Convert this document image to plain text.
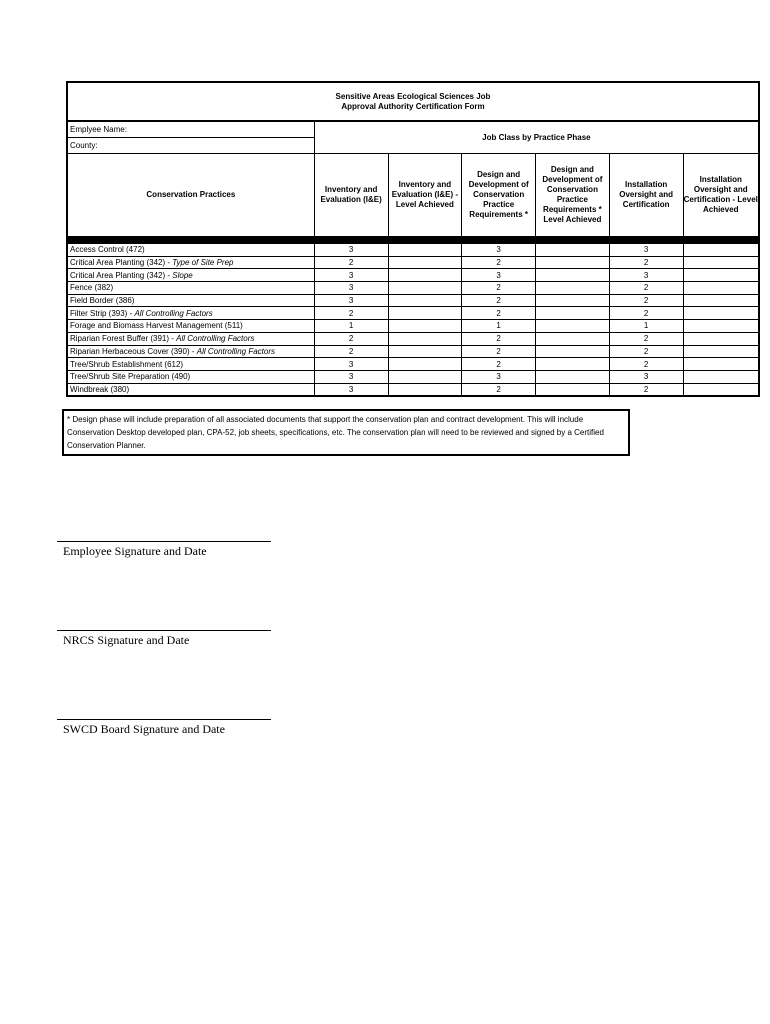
Sensitive Areas Ecological Sciences Job
Approval Authority Certification Form						

Emplyee Name:	Job Class by Practice Phase					
County:						
Conservation Practices	Inventory and Evaluation (I&E)	Inventory and Evaluation (I&E) - Level Achieved	Design and Development of Conservation Practice Requirements *	Design and Development of Conservation Practice Requirements * Level Achieved	Installation Oversight and Certification	Installation Oversight and Certification - Level Achieved

Access Control (472)	3		3		3	
Critical Area Planting (342) - Type of Site Prep	2		2		2	
Critical Area Planting (342) - Slope	3		3		3	
Fence (382)	3		2		2	
Field Border (386)	3		2		2	
Filter Strip (393) - All Controlling Factors	2		2		2	
Forage and Biomass Harvest Management (511)	1		1		1	
Riparian Forest Buffer (391) - All Controlling Factors	2		2		2	
Riparian Herbaceous Cover (390) - All Controlling Factors	2		2		2	
Tree/Shrub Establishment (612)	3		2		2	
Tree/Shrub Site Preparation (490)	3		3		3	
Windbreak (380)	3		2		2	
* Design phase will include preparation of all associated documents that support the conservation plan and contract development. This will include Conservation Desktop developed plan, CPA-52, job sheets, specifications, etc. The conservation plan will need to be reviewed and signed by a Certified Conservation Planner.
Employee Signature and Date
NRCS Signature and Date
SWCD Board Signature and Date
